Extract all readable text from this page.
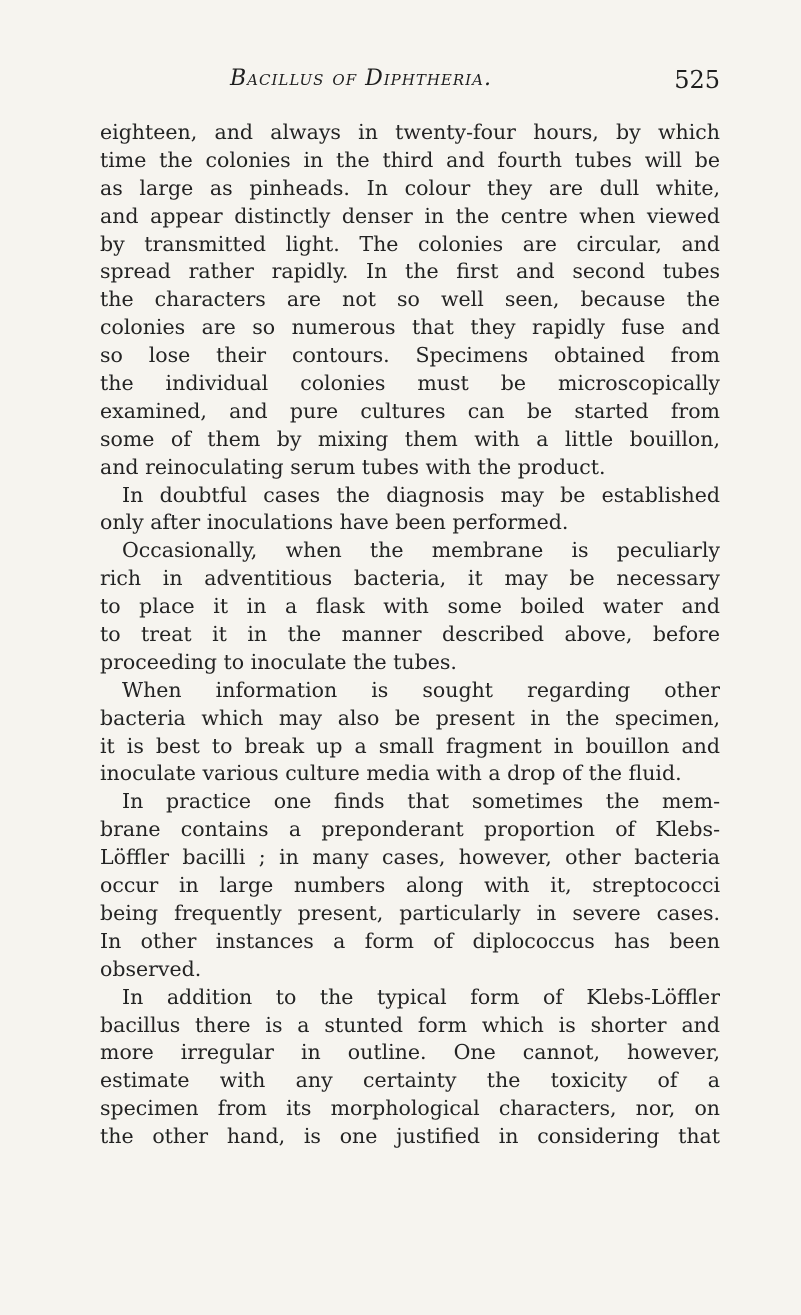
Bacillus of Diphtheria.	525
eighteen, and always in twenty-four hours, by which
time the colonies in the third and fourth tubes will be
as large as pinheads. In colour they are dull white,
and appear distinctly denser in the centre when viewed
by transmitted light. The colonies are circular, and
spread rather rapidly. In the first and second tubes
the characters are not so well seen, because the
colonies are so numerous that they rapidly fuse and
so lose their contours. Specimens obtained from
the individual colonies must be microscopically
examined, and pure cultures can be started from
some of them by mixing them with a little bouillon,
and reinoculating serum tubes with the product.
In doubtful cases the diagnosis may be established
only after inoculations have been performed.
Occasionally, when the membrane is peculiarly
rich in adventitious bacteria, it may be necessary
to place it in a flask with some boiled water and
to treat it in the manner described above, before
proceeding to inoculate the tubes.
When information is sought regarding other
bacteria which may also be present in the specimen,
it is best to break up a small fragment in bouillon and
inoculate various culture media with a drop of the fluid.
In practice one finds that sometimes the mem-
brane contains a preponderant proportion of Klebs-
Löffler bacilli ; in many cases, however, other bacteria
occur in large numbers along with it, streptococci
being frequently present, particularly in severe cases.
In other instances a form of diplococcus has been
observed.
In addition to the typical form of Klebs-Löffler
bacillus there is a stunted form which is shorter and
more irregular in outline. One cannot, however,
estimate with any certainty the toxicity of a
specimen from its morphological characters, nor, on
the other hand, is one justified in considering that
